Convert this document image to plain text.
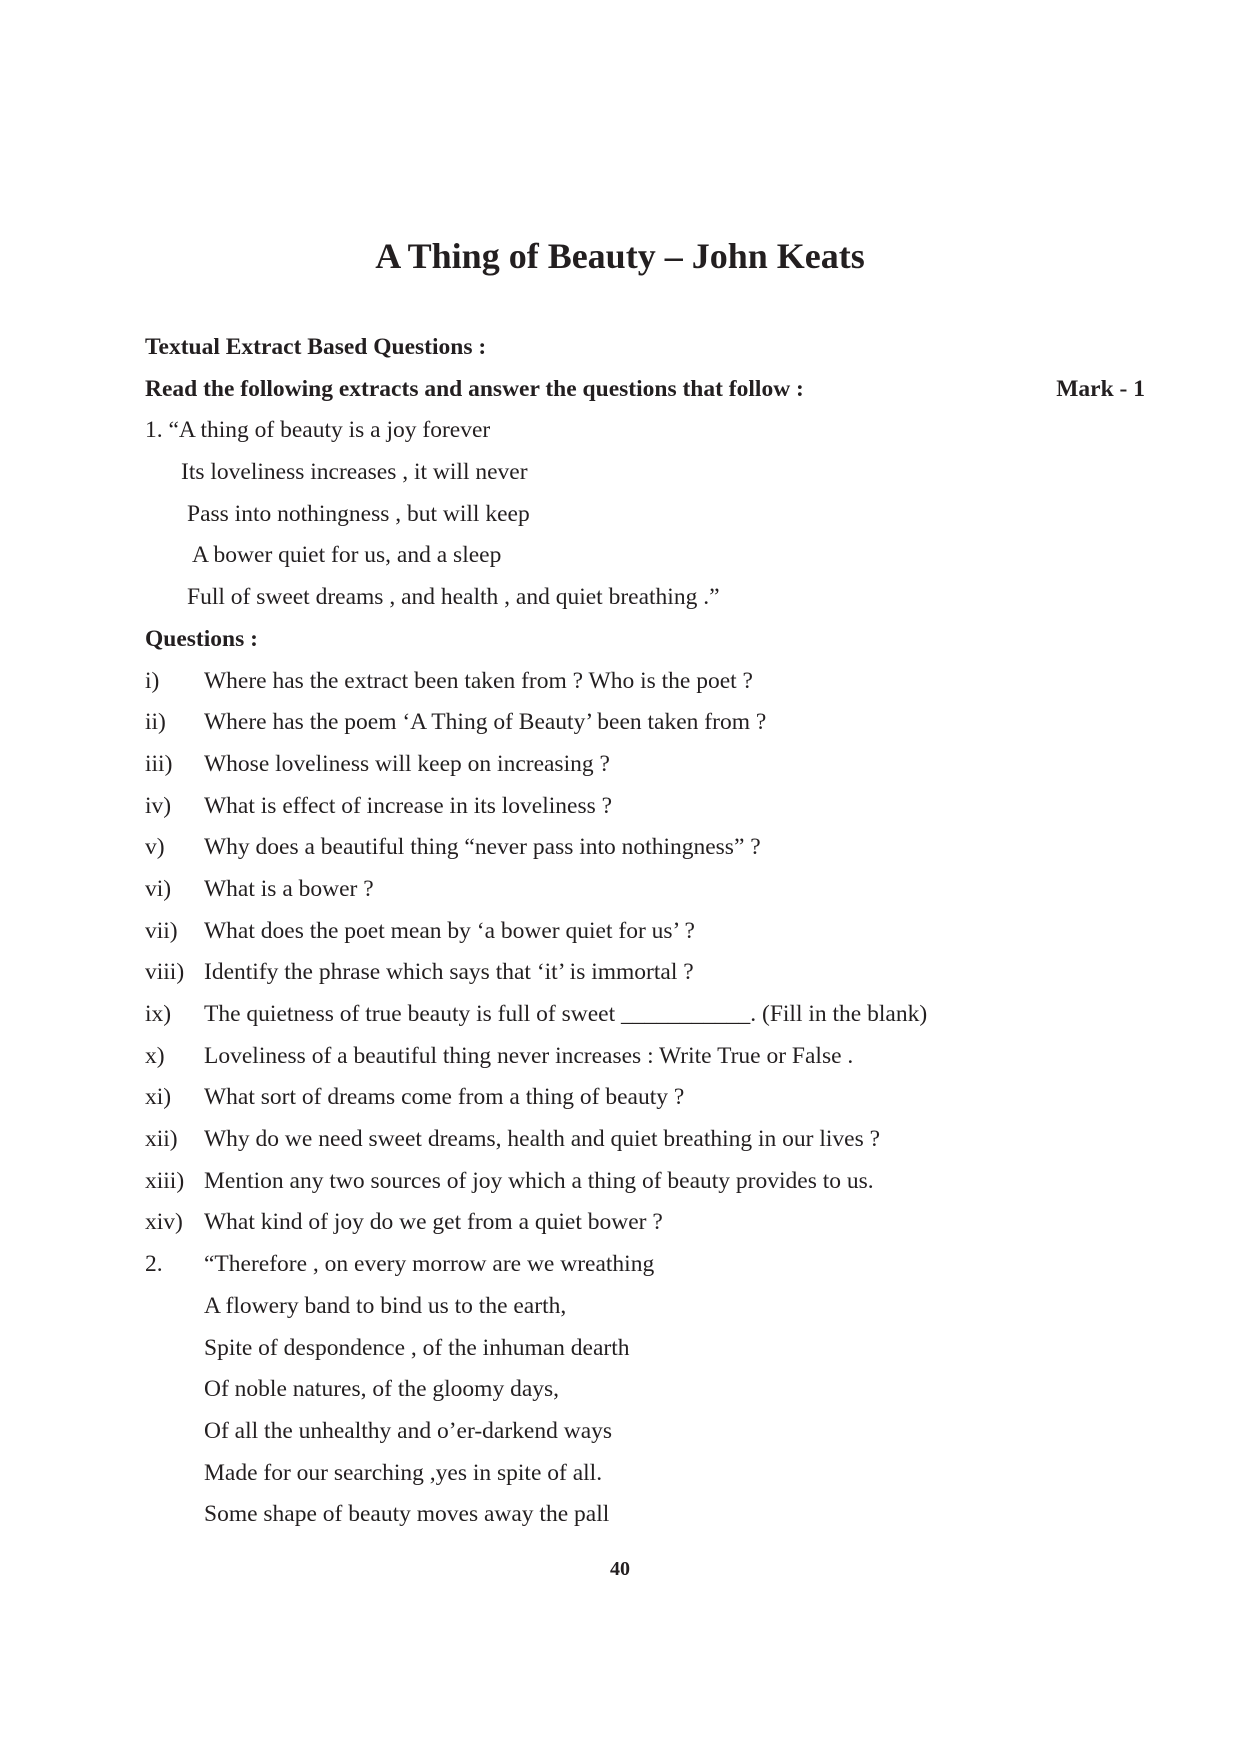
A Thing of Beauty – John Keats
Textual Extract Based Questions :
Read the following extracts and answer the questions that follow :	Mark - 1
1. “A thing of beauty is a joy forever
Its loveliness increases , it will never
Pass into nothingness , but will keep
A bower quiet for us, and a sleep
Full of sweet dreams , and health , and quiet breathing .”
Questions :
i) Where has the extract been taken from ? Who is the poet ?
ii) Where has the poem ‘A Thing of Beauty’ been taken from ?
iii) Whose loveliness will keep on increasing ?
iv) What is effect of increase in its loveliness ?
v) Why does a beautiful thing “never pass into nothingness” ?
vi) What is a bower ?
vii) What does the poet mean by ‘a bower quiet for us’ ?
viii) Identify the phrase which says that ‘it’ is immortal ?
ix) The quietness of true beauty is full of sweet ___________. (Fill in the blank)
x) Loveliness of a beautiful thing never increases : Write True or False .
xi) What sort of dreams come from a thing of beauty ?
xii) Why do we need sweet dreams, health and quiet breathing in our lives ?
xiii) Mention any two sources of joy which a thing of beauty provides to us.
xiv) What kind of joy do we get from a quiet bower ?
2. “Therefore , on every morrow are we wreathing
A flowery band to bind us to the earth,
Spite of despondence , of the inhuman dearth
Of noble natures, of the gloomy days,
Of all the unhealthy and o’er-darkend ways
Made for our searching ,yes in spite of all.
Some shape of beauty moves away the pall
40
